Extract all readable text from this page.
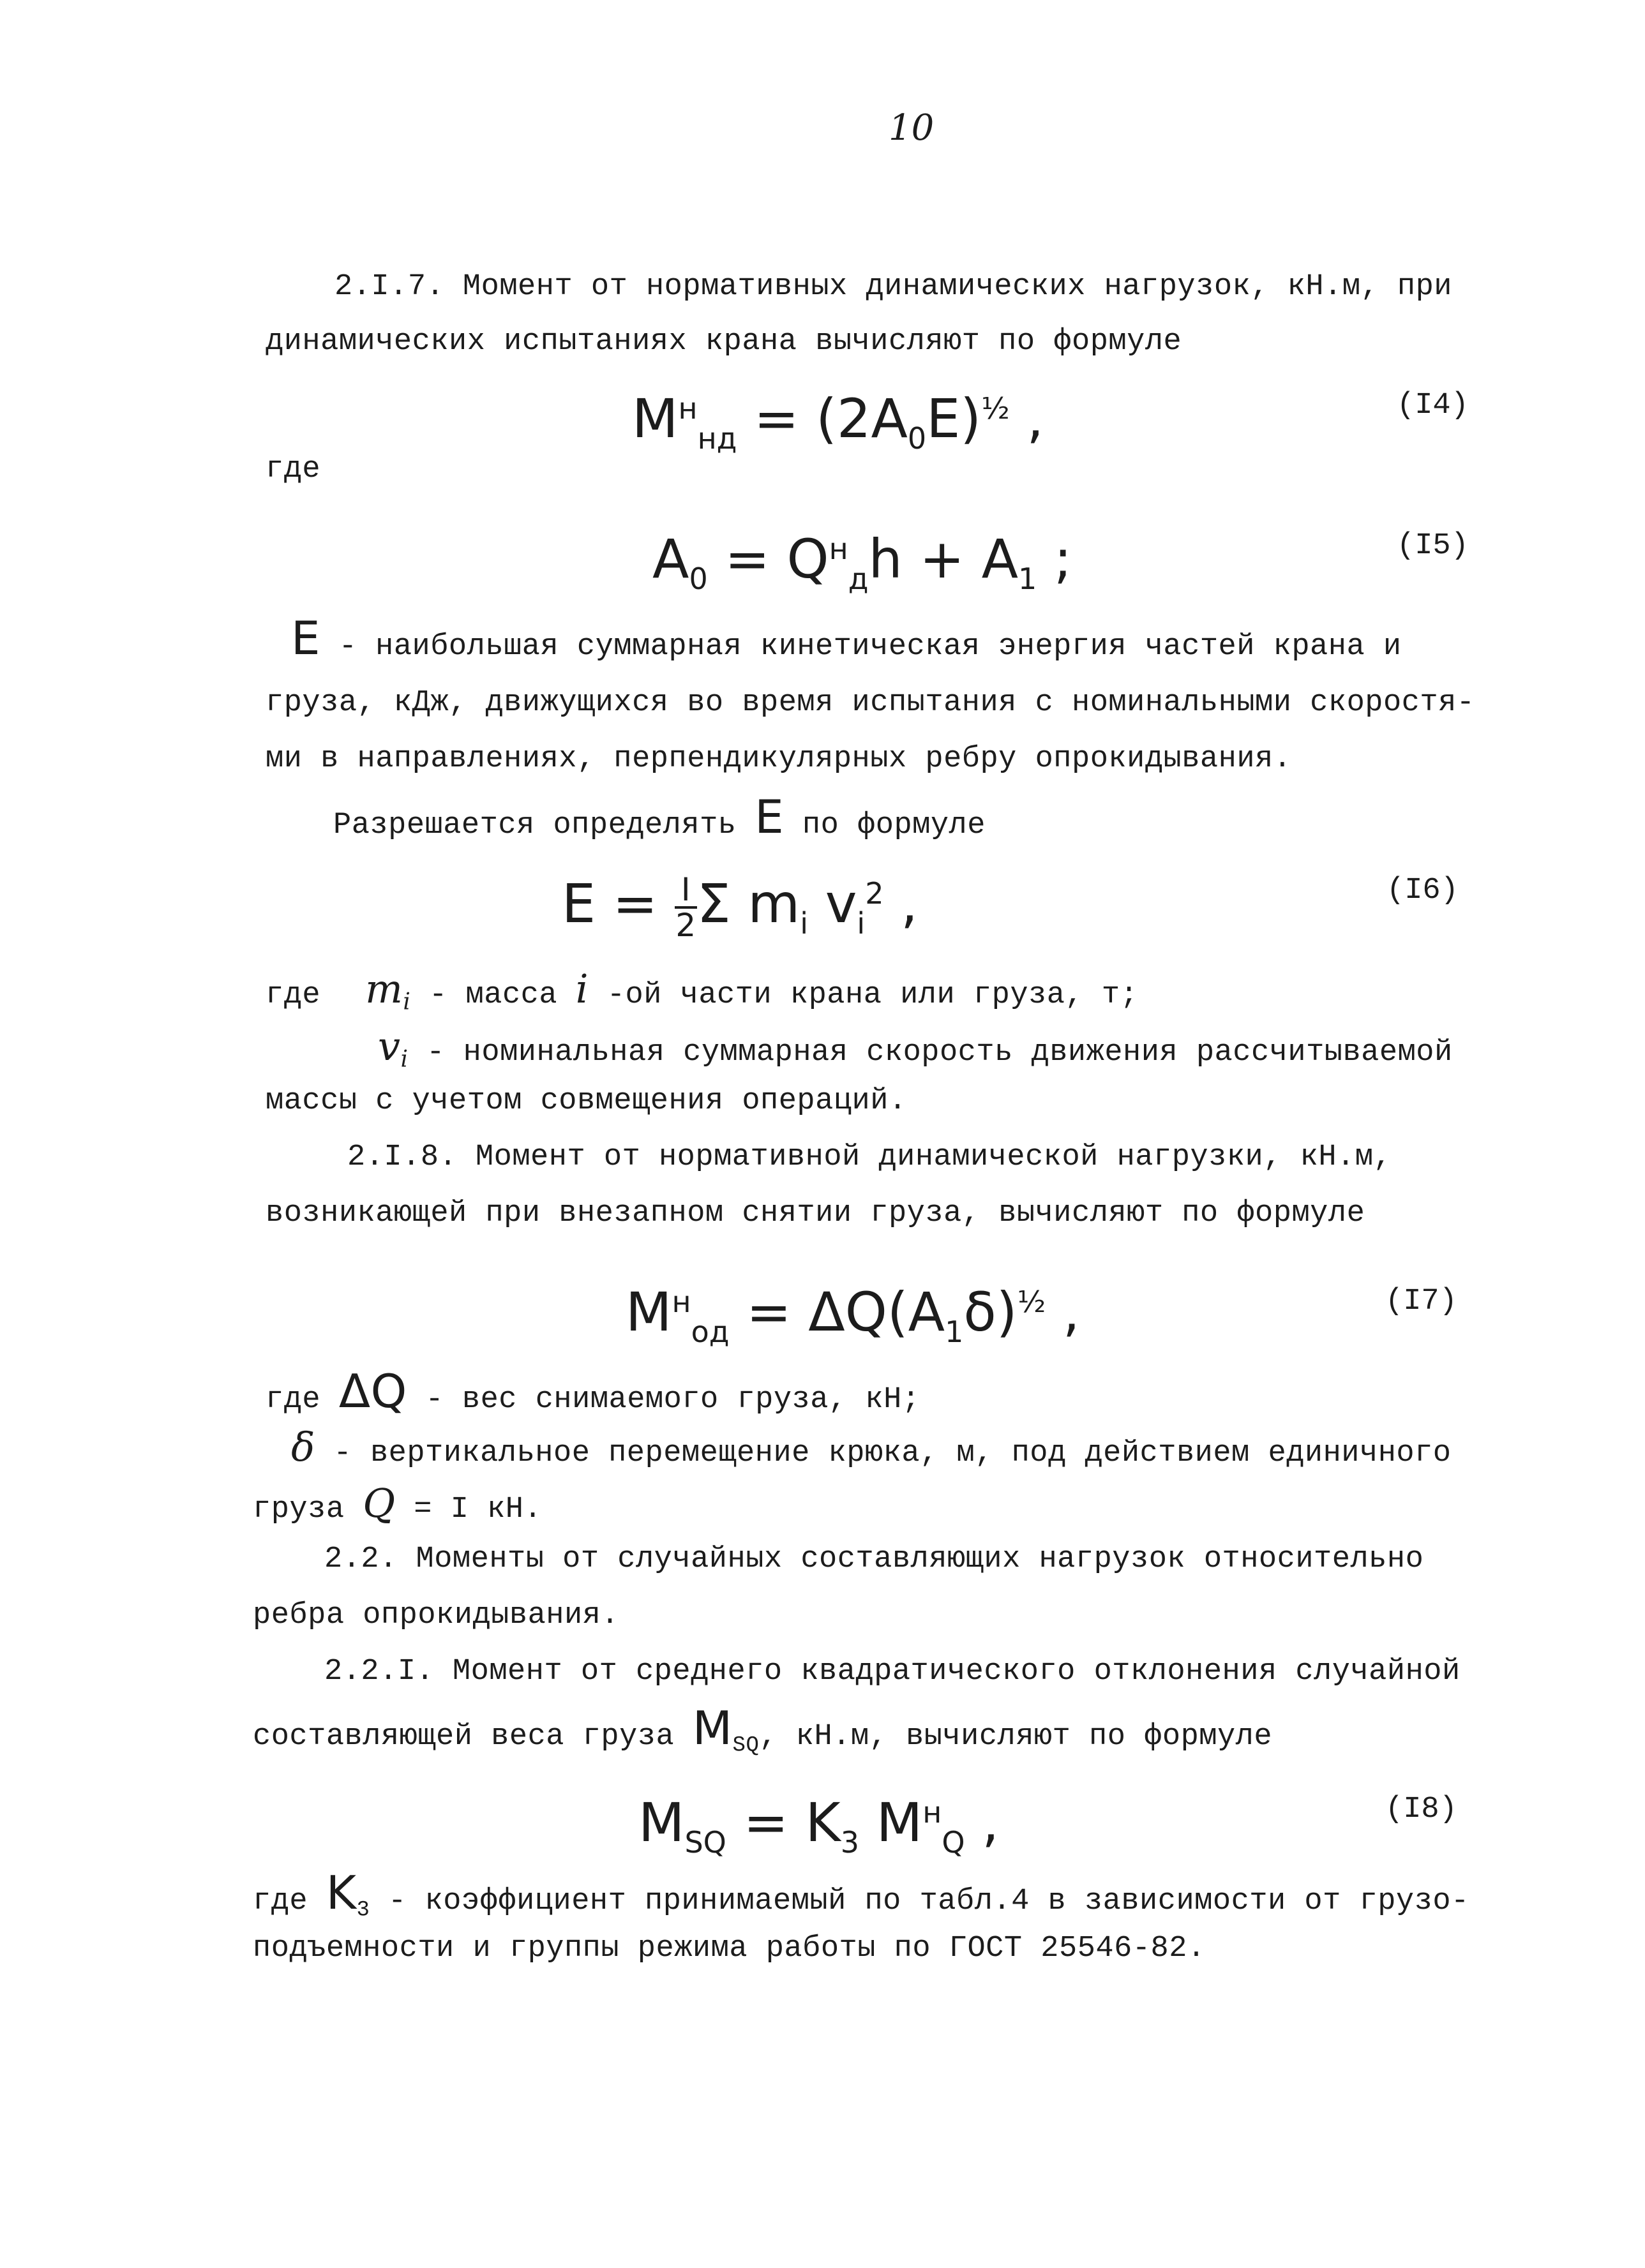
10
2.I.7. Момент от нормативных динамических нагрузок, кН.м, при
динамических испытаниях крана вычисляют по формуле
$M^н_{нд} = (2A_0E)^{\frac{1}{2}}$ ,	(I4)
где
$A_0 = Q^н_дh + A_1$ ;	(I5)
E - наибольшая суммарная кинетическая энергия частей крана и
груза, кДж, движущихся во время испытания с номинальными скоростя-
ми в направлениях, перпендикулярных ребру опрокидывания.
Разрешается определять E по формуле
$E = \frac{I}{2}$ Σ $m_i$ $v_i^2$ ,	(I6)
где $m_i$ - масса i -ой части крана или груза, т;
$v_i$ - номинальная суммарная скорость движения рассчитываемой
массы с учетом совмещения операций.
2.I.8. Момент от нормативной динамической нагрузки, кН.м,
возникающей при внезапном снятии груза, вычисляют по формуле
$M^н_{од} = \Delta Q(A_1\delta)^{\frac{1}{2}}$ ,	(I7)
где ΔQ - вес снимаемого груза, кН;
δ - вертикальное перемещение крюка, м, под действием единичного
груза Q = I кН.
2.2. Моменты от случайных составляющих нагрузок относительно
ребра опрокидывания.
2.2.I. Момент от среднего квадратического отклонения случайной
составляющей веса груза $M_{SQ}$, кН.м, вычисляют по формуле
$M_{SQ} = K_3$ $M^н_Q$ ,	(I8)
где $K_3$ - коэффициент принимаемый по табл.4 в зависимости от грузо-
подъемности и группы режима работы по ГОСТ 25546-82.
